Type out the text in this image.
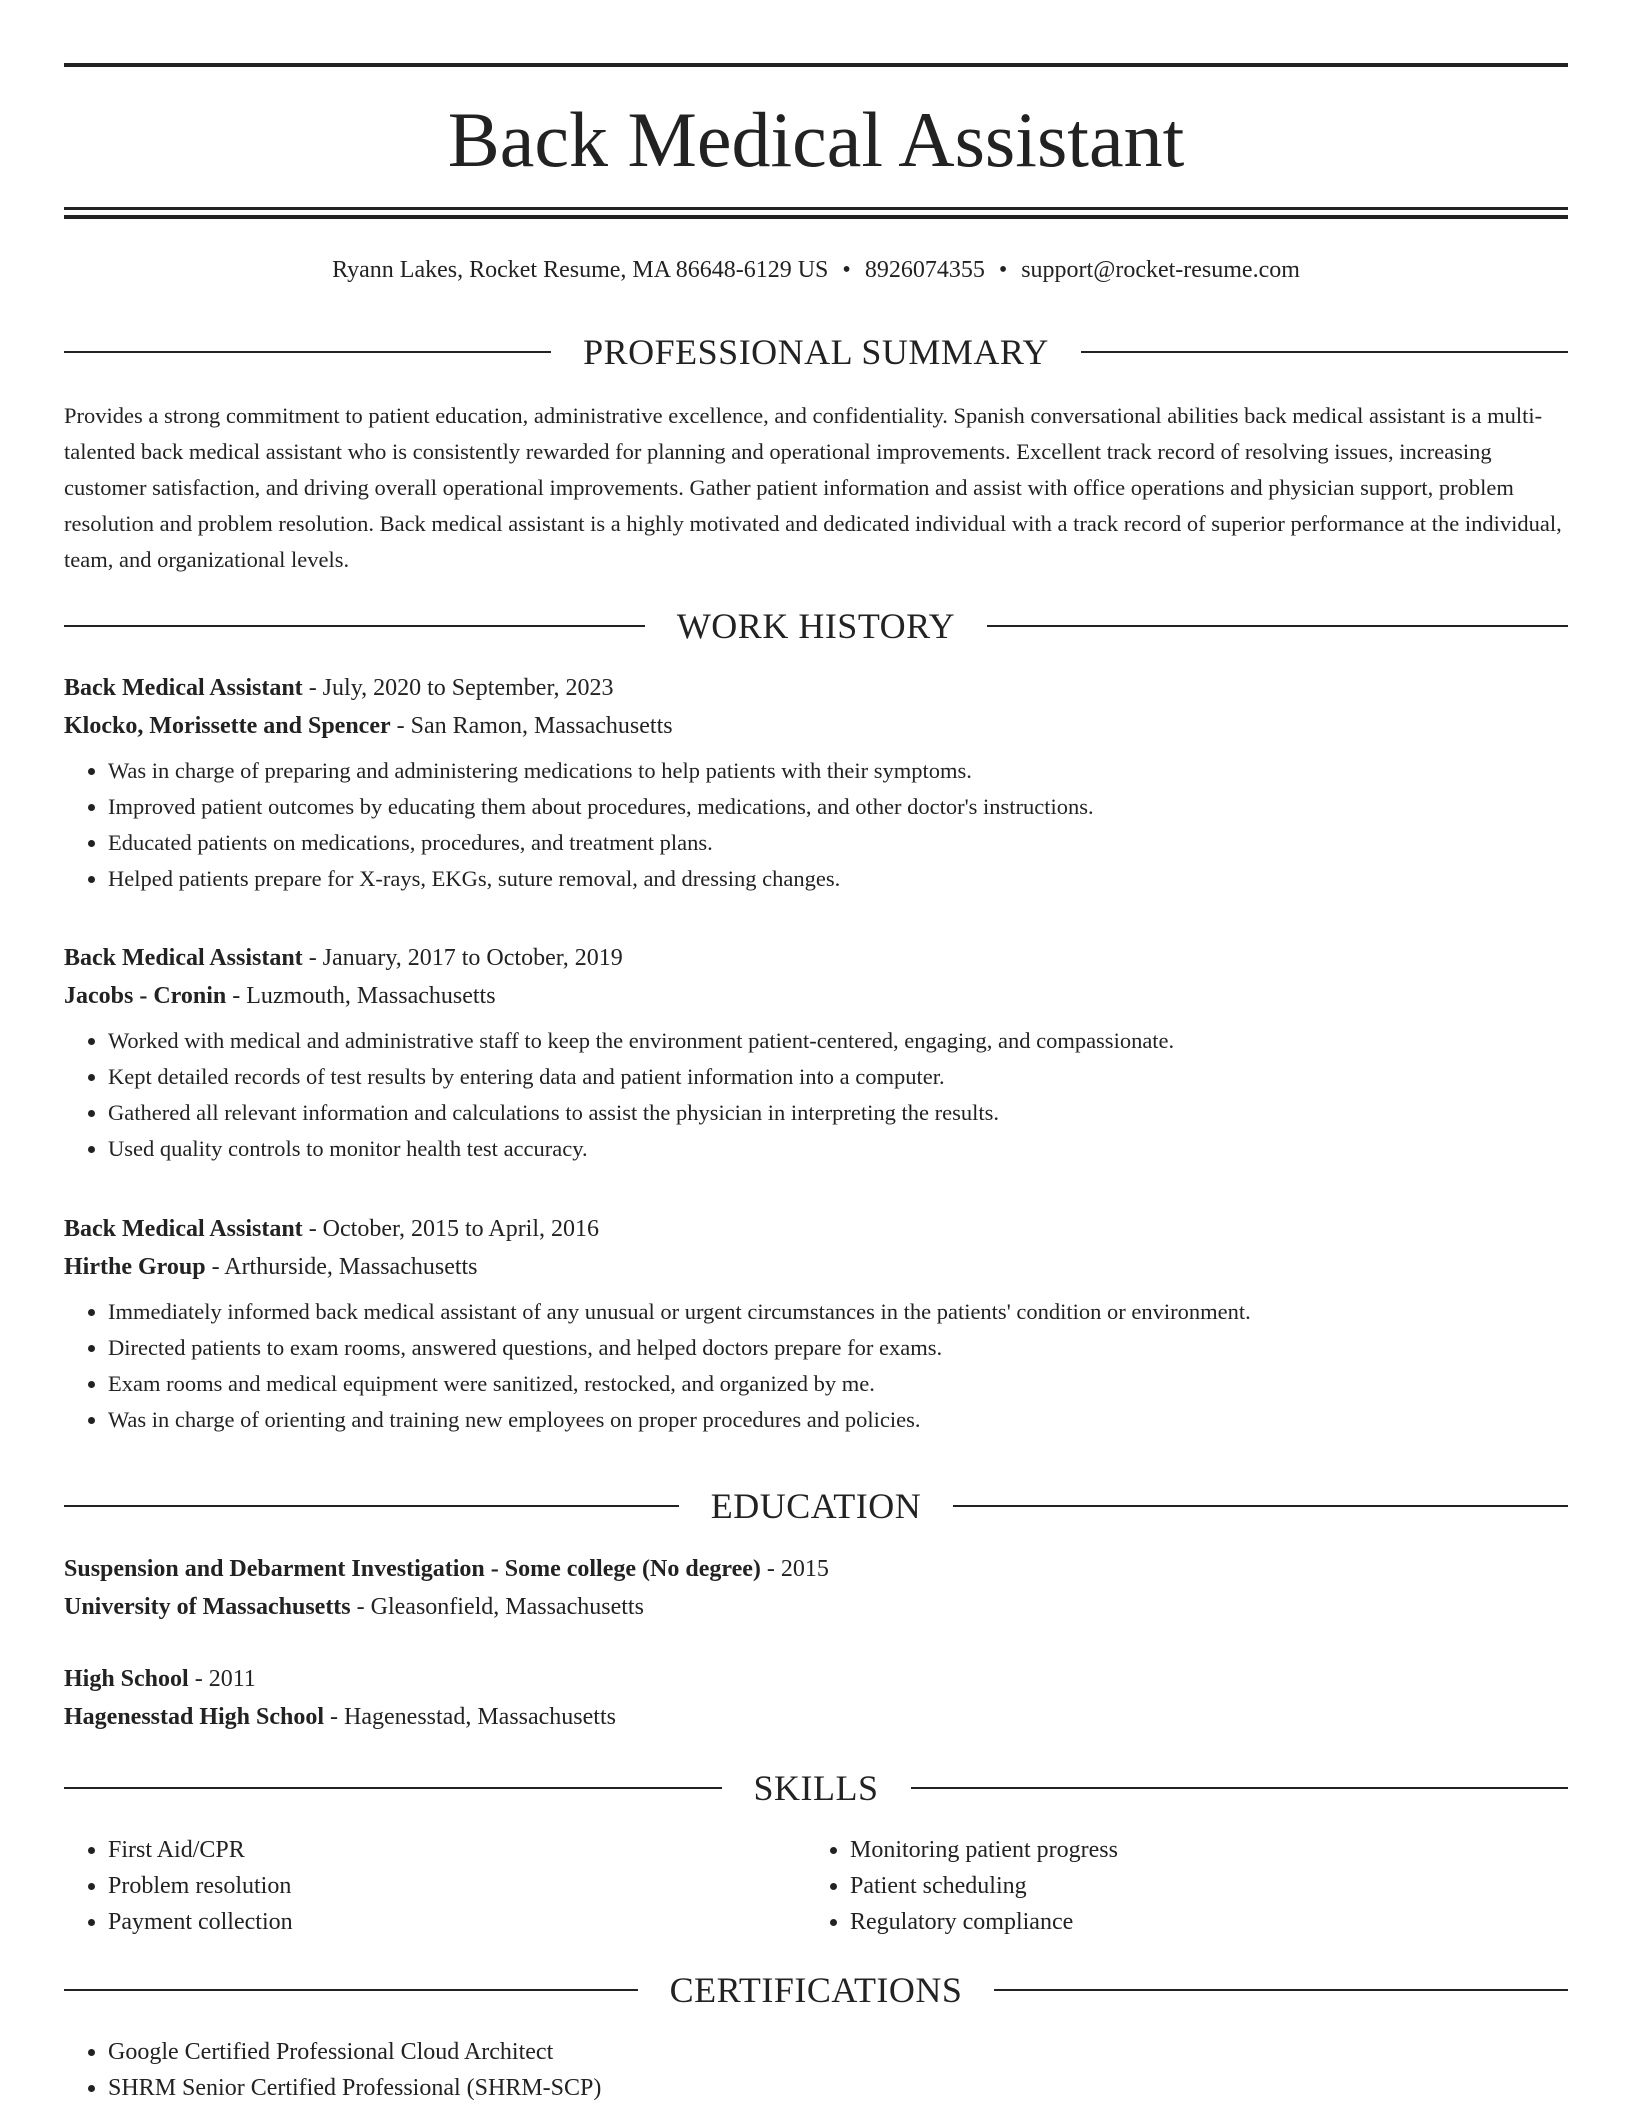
Back Medical Assistant
Ryann Lakes, Rocket Resume, MA 86648-6129 US • 8926074355 • support@rocket-resume.com
PROFESSIONAL SUMMARY

Provides a strong commitment to patient education, administrative excellence, and confidentiality. Spanish conversational abilities back medical assistant is a multi-talented back medical assistant who is consistently rewarded for planning and operational improvements. Excellent track record of resolving issues, increasing customer satisfaction, and driving overall operational improvements. Gather patient information and assist with office operations and physician support, problem resolution and problem resolution. Back medical assistant is a highly motivated and dedicated individual with a track record of superior performance at the individual, team, and organizational levels.

WORK HISTORY

Back Medical Assistant - July, 2020 to September, 2023

Klocko, Morissette and Spencer - San Ramon, Massachusetts

• Was in charge of preparing and administering medications to help patients with their symptoms.
• Improved patient outcomes by educating them about procedures, medications, and other doctor's instructions.
• Educated patients on medications, procedures, and treatment plans.
• Helped patients prepare for X-rays, EKGs, suture removal, and dressing changes.

Back Medical Assistant - January, 2017 to October, 2019

Jacobs - Cronin - Luzmouth, Massachusetts

• Worked with medical and administrative staff to keep the environment patient-centered, engaging, and compassionate.
• Kept detailed records of test results by entering data and patient information into a computer.
• Gathered all relevant information and calculations to assist the physician in interpreting the results.
• Used quality controls to monitor health test accuracy.

Back Medical Assistant - October, 2015 to April, 2016

Hirthe Group - Arthurside, Massachusetts

• Immediately informed back medical assistant of any unusual or urgent circumstances in the patients' condition or environment.
• Directed patients to exam rooms, answered questions, and helped doctors prepare for exams.
• Exam rooms and medical equipment were sanitized, restocked, and organized by me.
• Was in charge of orienting and training new employees on proper procedures and policies.
EDUCATION

Suspension and Debarment Investigation - Some college (No degree) - 2015

University of Massachusetts - Gleasonfield, Massachusetts

High School - 2011

Hagenesstad High School - Hagenesstad, Massachusetts

SKILLS
• First Aid/CPR
• Problem resolution
• Payment collection
• Monitoring patient progress
• Patient scheduling
• Regulatory compliance
CERTIFICATIONS
• Google Certified Professional Cloud Architect
• SHRM Senior Certified Professional (SHRM-SCP)
